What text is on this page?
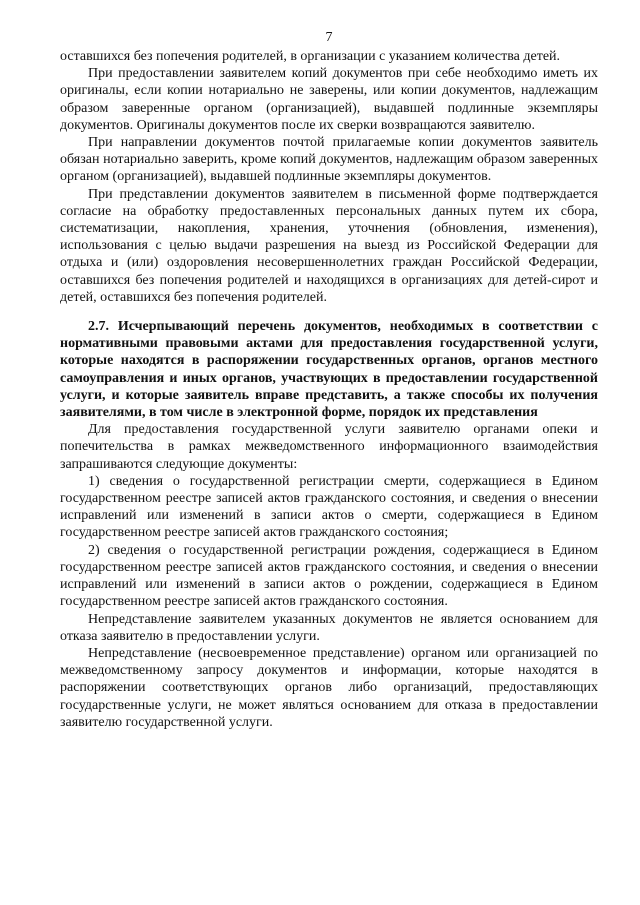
7

оставшихся без попечения родителей, в организации с указанием количества детей.

При предоставлении заявителем копий документов при себе необходимо иметь их оригиналы, если копии нотариально не заверены, или копии документов, надлежащим образом заверенные органом (организацией), выдавшей подлинные экземпляры документов. Оригиналы документов после их сверки возвращаются заявителю.

При направлении документов почтой прилагаемые копии документов заявитель обязан нотариально заверить, кроме копий документов, надлежащим образом заверенных органом (организацией), выдавшей подлинные экземпляры документов.

При представлении документов заявителем в письменной форме подтверждается согласие на обработку предоставленных персональных данных путем их сбора, систематизации, накопления, хранения, уточнения (обновления, изменения), использования с целью выдачи разрешения на выезд из Российской Федерации для отдыха и (или) оздоровления несовершеннолетних граждан Российской Федерации, оставшихся без попечения родителей и находящихся в организациях для детей-сирот и детей, оставшихся без попечения родителей.

2.7. Исчерпывающий перечень документов, необходимых в соответствии с нормативными правовыми актами для предоставления государственной услуги, которые находятся в распоряжении государственных органов, органов местного самоуправления и иных органов, участвующих в предоставлении государственной услуги, и которые заявитель вправе представить, а также способы их получения заявителями, в том числе в электронной форме, порядок их представления

Для предоставления государственной услуги заявителю органами опеки и попечительства в рамках межведомственного информационного взаимодействия запрашиваются следующие документы:

1) сведения о государственной регистрации смерти, содержащиеся в Едином государственном реестре записей актов гражданского состояния, и сведения о внесении исправлений или изменений в записи актов о смерти, содержащиеся в Едином государственном реестре записей актов гражданского состояния;

2) сведения о государственной регистрации рождения, содержащиеся в Едином государственном реестре записей актов гражданского состояния, и сведения о внесении исправлений или изменений в записи актов о рождении, содержащиеся в Едином государственном реестре записей актов гражданского состояния.

Непредставление заявителем указанных документов не является основанием для отказа заявителю в предоставлении услуги.

Непредставление (несвоевременное представление) органом или организацией по межведомственному запросу документов и информации, которые находятся в распоряжении соответствующих органов либо организаций, предоставляющих государственные услуги, не может являться основанием для отказа в предоставлении заявителю государственной услуги.
